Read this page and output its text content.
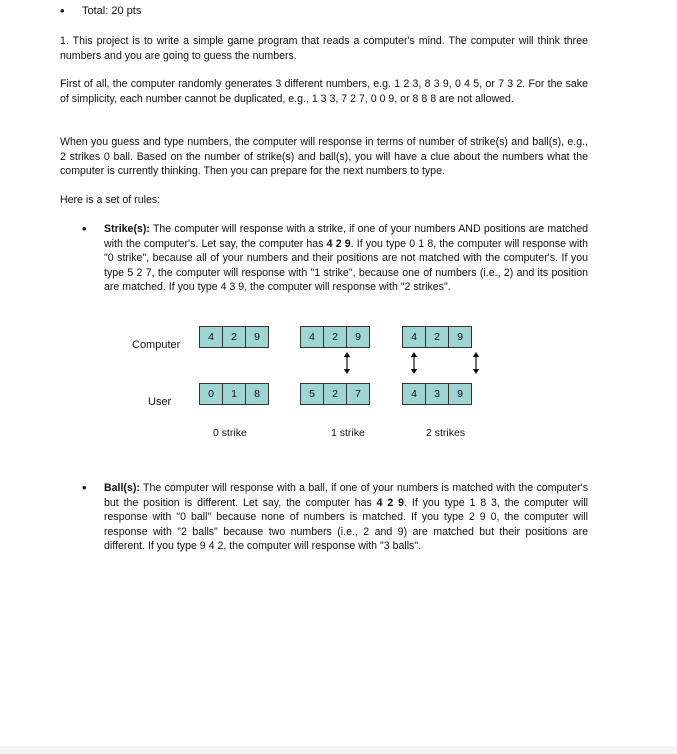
• Total: 20 pts
1. This project is to write a simple game program that reads a computer's mind. The computer will think three numbers and you are going to guess the numbers.
First of all, the computer randomly generates 3 different numbers, e.g. 1 2 3, 8 3 9, 0 4 5, or 7 3 2. For the sake of simplicity, each number cannot be duplicated, e.g., 1 3 3, 7 2 7, 0 0 9, or 8 8 8 are not allowed.
When you guess and type numbers, the computer will response in terms of number of strike(s) and ball(s), e.g., 2 strikes 0 ball. Based on the number of strike(s) and ball(s), you will have a clue about the numbers what the computer is currently thinking. Then you can prepare for the next numbers to type.
Here is a set of rules:
• Strike(s): The computer will response with a strike, if one of your numbers AND positions are matched with the computer's. Let say, the computer has 4 2 9. If you type 0 1 8, the computer will response with "0 strike", because all of your numbers and their positions are not matched with the computer's. If you type 5 2 7, the computer will response with "1 strike", because one of numbers (i.e., 2) and its position are matched. If you type 4 3 9, the computer will response with "2 strikes".
Computer
User
4	2	9
0	1	8
0 strike
4	2	9
5	2	7
1 strike
4	2	9
4	3	9
2 strikes
• Ball(s): The computer will response with a ball, if one of your numbers is matched with the computer's but the position is different. Let say, the computer has 4 2 9. If you type 1 8 3, the computer will response with "0 ball" because none of numbers is matched. If you type 2 9 0, the computer will response with "2 balls" because two numbers (i.e., 2 and 9) are matched but their positions are different. If you type 9 4 2, the computer will response with "3 balls".
